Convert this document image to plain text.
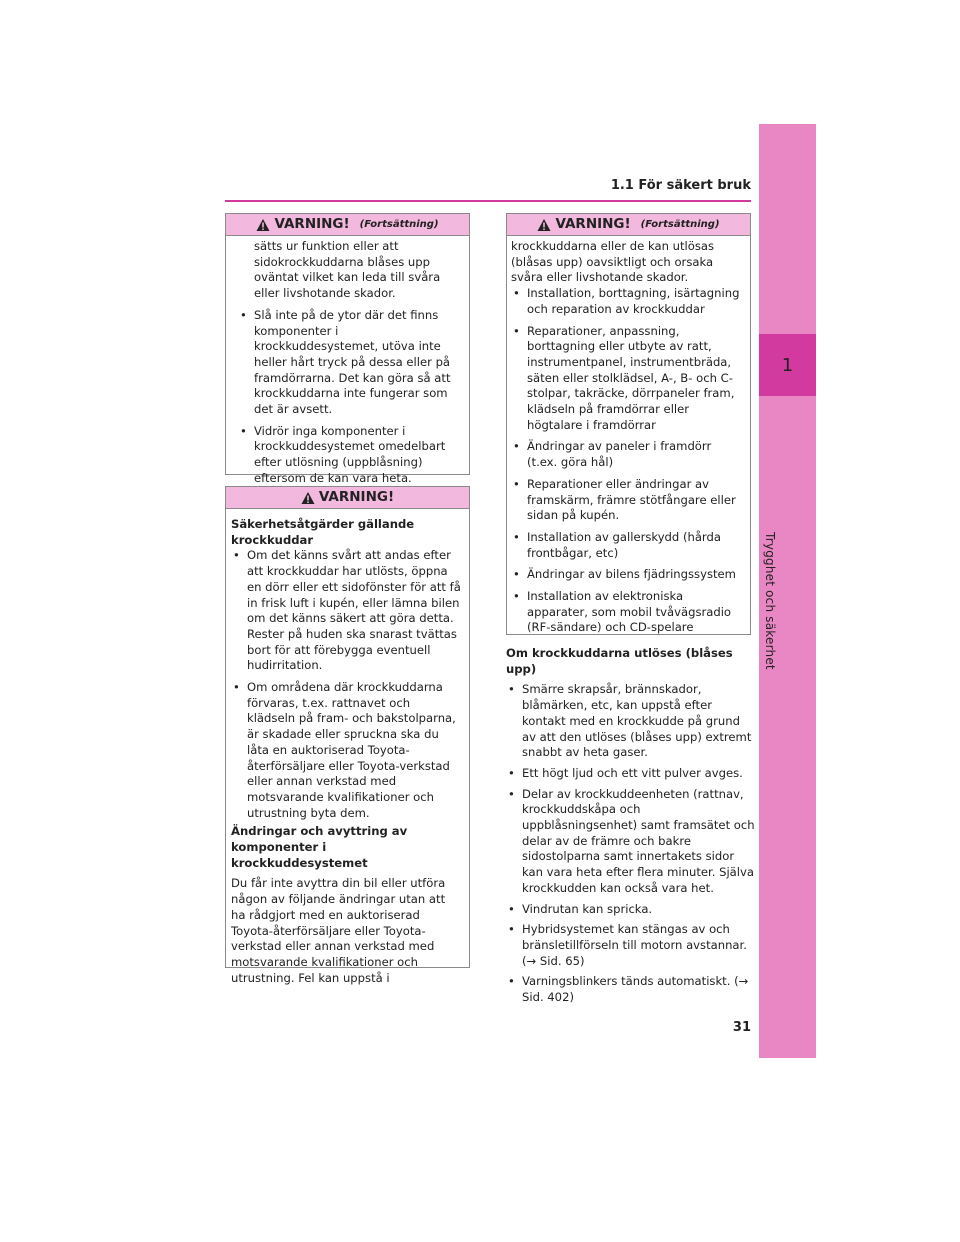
1
Trygghet och säkerhet
1.1 För säkert bruk
VARNING! (Fortsättning)

sätts ur funktion eller att sidokrockkuddarna blåses upp oväntat vilket kan leda till svåra eller livshotande skador.

• Slå inte på de ytor där det finns komponenter i krockkuddesystemet, utöva inte heller hårt tryck på dessa eller på framdörrarna. Det kan göra så att krockkuddarna inte fungerar som det är avsett.
• Vidrör inga komponenter i krockkuddesystemet omedelbart efter utlösning (uppblåsning) eftersom de kan vara heta.
VARNING!
Säkerhetsåtgärder gällande krockkuddar
• Om det känns svårt att andas efter att krockkuddar har utlösts, öppna en dörr eller ett sidofönster för att få in frisk luft i kupén, eller lämna bilen om det känns säkert att göra detta. Rester på huden ska snarast tvättas bort för att förebygga eventuell hudirritation.
• Om områdena där krockkuddarna förvaras, t.ex. rattnavet och klädseln på fram- och bakstolparna, är skadade eller spruckna ska du låta en auktoriserad Toyota-återförsäljare eller Toyota-verkstad eller annan verkstad med motsvarande kvalifikationer och utrustning byta dem.
Ändringar och avyttring av komponenter i krockkuddesystemet

Du får inte avyttra din bil eller utföra någon av följande ändringar utan att ha rådgjort med en auktoriserad Toyota-återförsäljare eller Toyota-verkstad eller annan verkstad med motsvarande kvalifikationer och utrustning. Fel kan uppstå i

VARNING! (Fortsättning)

krockkuddarna eller de kan utlösas (blåsas upp) oavsiktligt och orsaka svåra eller livshotande skador.

• Installation, borttagning, isärtagning och reparation av krockkuddar
• Reparationer, anpassning, borttagning eller utbyte av ratt, instrumentpanel, instrumentbräda, säten eller stolklädsel, A-, B- och C-stolpar, takräcke, dörrpaneler fram, klädseln på framdörrar eller högtalare i framdörrar
• Ändringar av paneler i framdörr (t.ex. göra hål)
• Reparationer eller ändringar av framskärm, främre stötfångare eller sidan på kupén.
• Installation av gallerskydd (hårda frontbågar, etc)
• Ändringar av bilens fjädringssystem
• Installation av elektroniska apparater, som mobil tvåvägsradio (RF-sändare) och CD-spelare
Om krockkuddarna utlöses (blåses upp)
• Smärre skrapsår, brännskador, blåmärken, etc, kan uppstå efter kontakt med en krockkudde på grund av att den utlöses (blåses upp) extremt snabbt av heta gaser.
• Ett högt ljud och ett vitt pulver avges.
• Delar av krockkuddeenheten (rattnav, krockkuddskåpa och uppblåsningsenhet) samt framsätet och delar av de främre och bakre sidostolparna samt innertakets sidor kan vara heta efter flera minuter. Själva krockkudden kan också vara het.
• Vindrutan kan spricka.
• Hybridsystemet kan stängas av och bränsletillförseln till motorn avstannar. (→ Sid. 65)
• Varningsblinkers tänds automatiskt. (→ Sid. 402)
31
